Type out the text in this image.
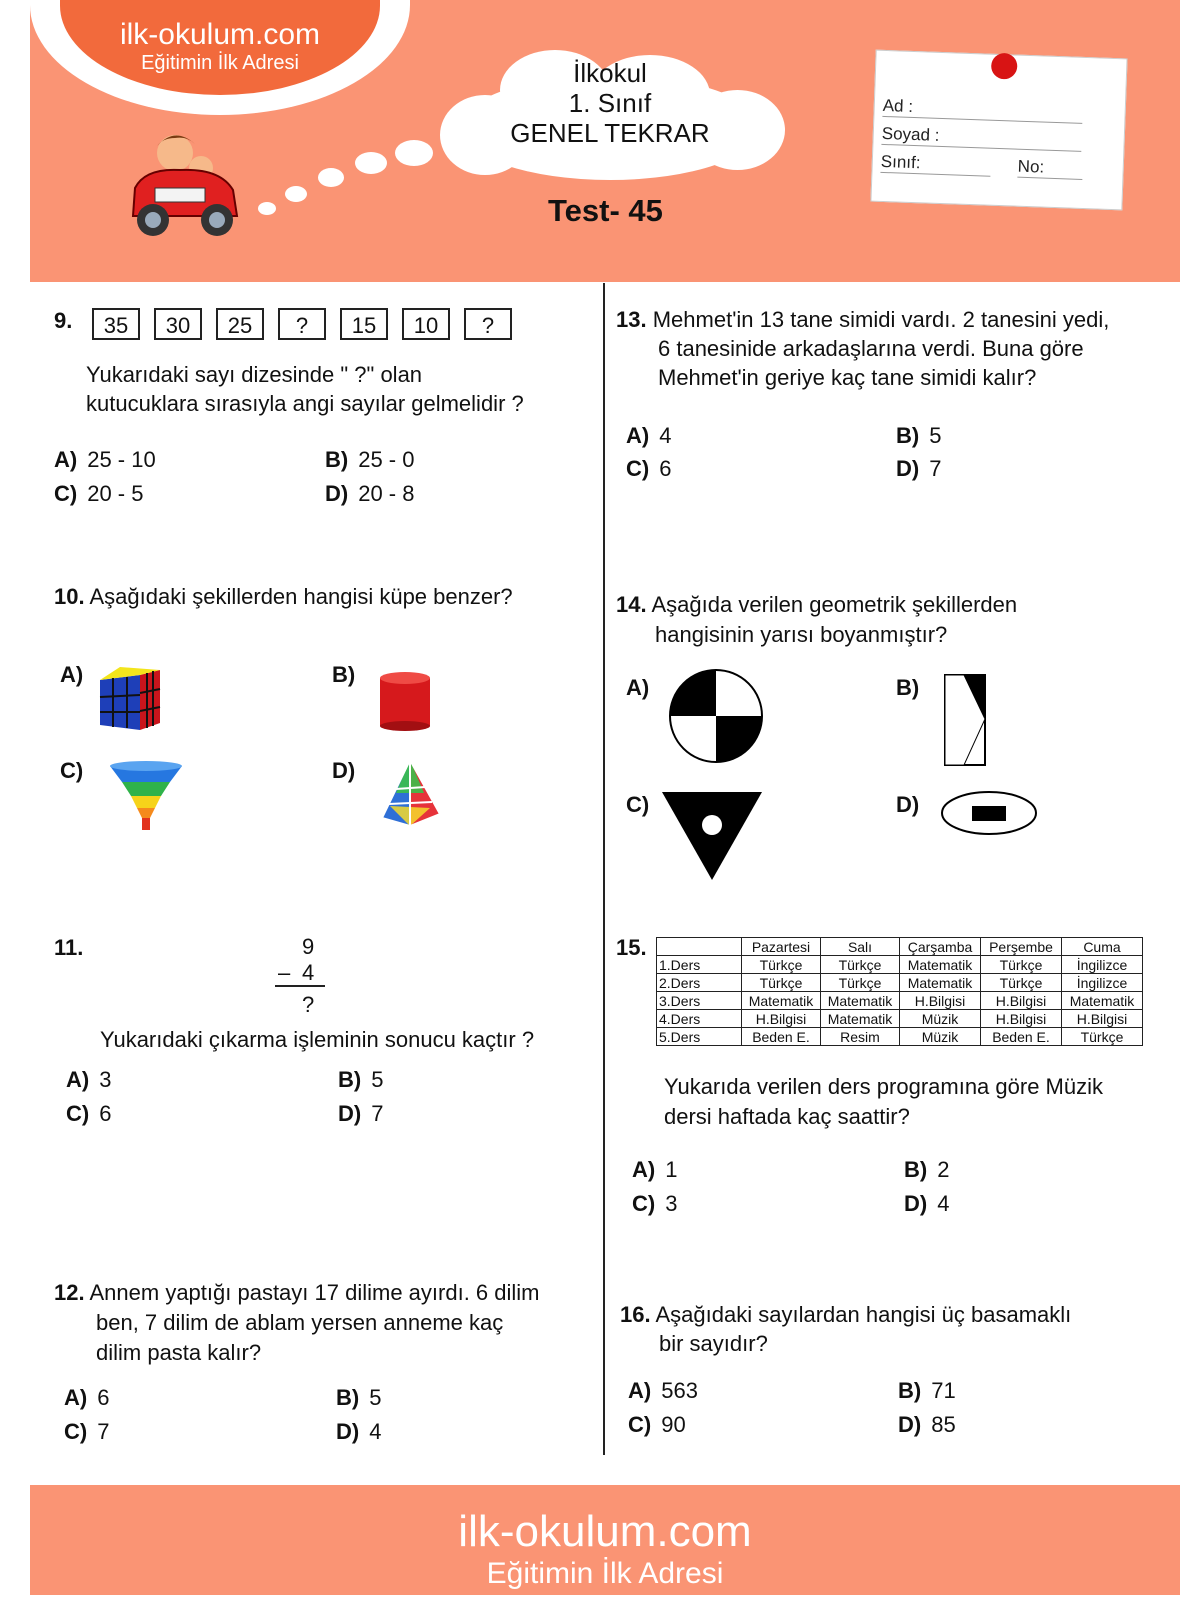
ilk-okulum.com
Eğitimin İlk Adresi	İlkokul
1. Sınıf
GENEL TEKRAR
Ad :
Soyad :
Sınıf:	No:
Test- 45
9.	35	30	25	?	15	10	?
Yukarıdaki sayı dizesinde " ?" olan
kutucuklara sırasıyla angi sayılar gelmelidir ?
A) 25 - 10	B) 25 - 0
C) 20 - 5	D) 20 - 8
10. Aşağıdaki şekillerden hangisi küpe benzer?
A)	B)
C)	D)
11.	9
– 4
?
Yukarıdaki çıkarma işleminin sonucu kaçtır ?
A) 3	B) 5
C) 6	D) 7
12. Annem yaptığı pastayı 17 dilime ayırdı. 6 dilim
ben, 7 dilim de ablam yersen anneme kaç
dilim pasta kalır?
A) 6	B) 5
C) 7	D) 4
13. Mehmet'in 13 tane simidi vardı. 2 tanesini yedi,
6 tanesinide arkadaşlarına verdi. Buna göre
Mehmet'in geriye kaç tane simidi kalır?
A) 4	B) 5
C) 6	D) 7
14. Aşağıda verilen geometrik şekillerden
hangisinin yarısı boyanmıştır?
A)	B)
C)	D)
15.
		Pazartesi	Salı	Çarşamba	Perşembe	Cuma
1.Ders	Türkçe	Türkçe	Matematik	Türkçe	İngilizce
2.Ders	Türkçe	Türkçe	Matematik	Türkçe	İngilizce
3.Ders	Matematik	Matematik	H.Bilgisi	H.Bilgisi	Matematik
4.Ders	H.Bilgisi	Matematik	Müzik	H.Bilgisi	H.Bilgisi
5.Ders	Beden E.	Resim	Müzik	Beden E.	Türkçe
Yukarıda verilen ders programına göre Müzik
dersi haftada kaç saattir?
A) 1	B) 2
C) 3	D) 4
16. Aşağıdaki sayılardan hangisi üç basamaklı
bir sayıdır?
A) 563	B) 71
C) 90	D) 85
ilk-okulum.com
Eğitimin İlk Adresi
